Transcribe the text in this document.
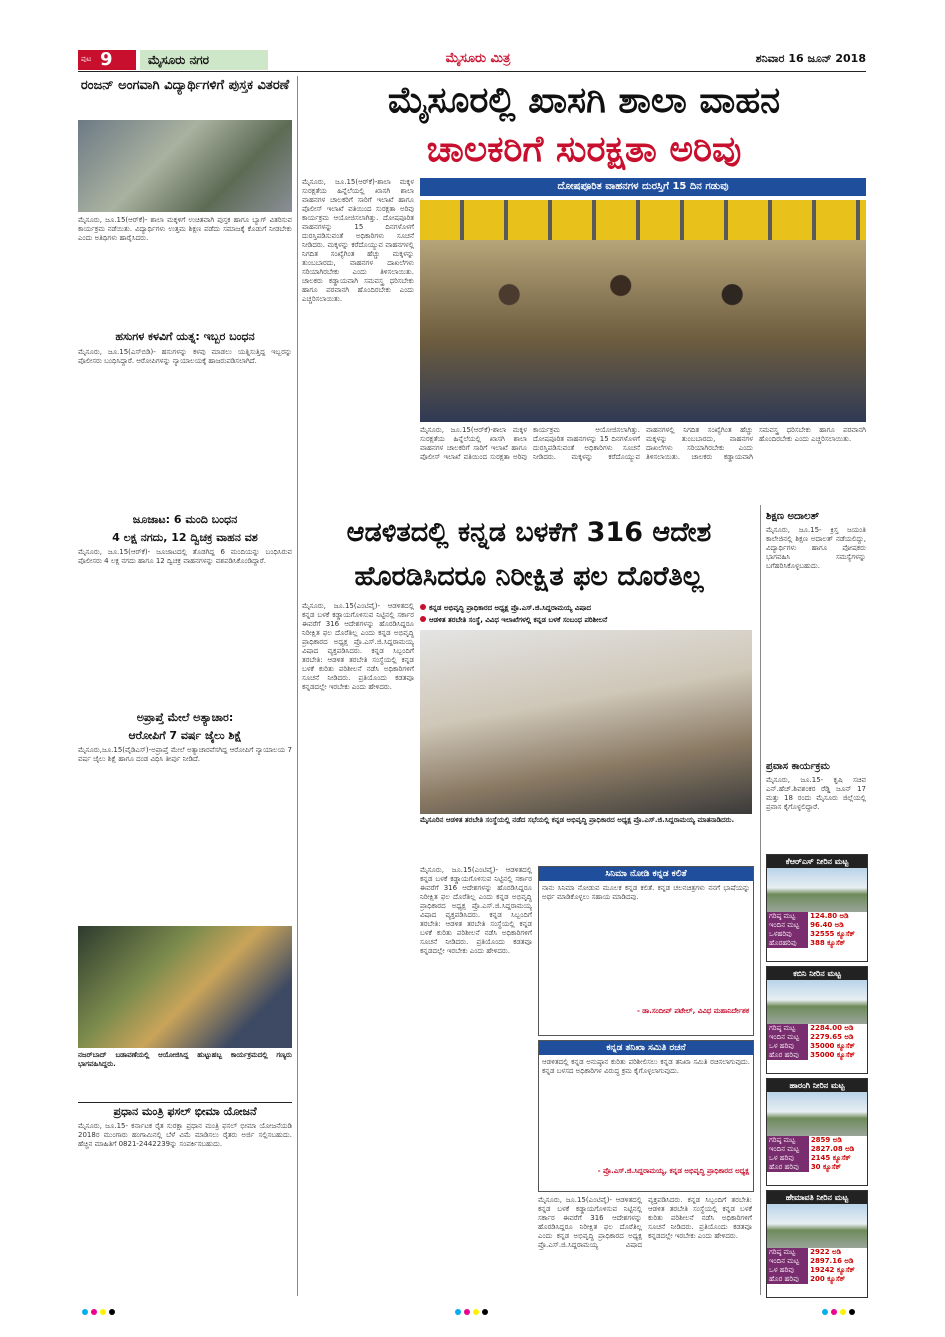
ಪುಟ 9	ಮೈಸೂರು ನಗರ	ಮೈಸೂರು ಮಿತ್ರ	ಶನಿವಾರ 16 ಜೂನ್ 2018
ರಂಜನ್ ಅಂಗವಾಗಿ ವಿದ್ಯಾರ್ಥಿಗಳಿಗೆ ಪುಸ್ತಕ ವಿತರಣೆ
ಮೈಸೂರು, ಜೂ.15(ಆರ್‌ಕೆ)- ಶಾಲಾ ಮಕ್ಕಳಿಗೆ ಉಚಿತವಾಗಿ ಪುಸ್ತಕ ಹಾಗೂ ಬ್ಯಾಗ್ ವಿತರಿಸುವ ಕಾರ್ಯಕ್ರಮ ನಡೆಯಿತು. ವಿದ್ಯಾರ್ಥಿಗಳು ಉತ್ತಮ ಶಿಕ್ಷಣ ಪಡೆದು ಸಮಾಜಕ್ಕೆ ಕೊಡುಗೆ ನೀಡಬೇಕು ಎಂದು ಅತಿಥಿಗಳು ಹಾರೈಸಿದರು.
ಹಸುಗಳ ಕಳವಿಗೆ ಯತ್ನ: ಇಬ್ಬರ ಬಂಧನ
ಮೈಸೂರು, ಜೂ.15(ಎಸ್‌ಬಿಡಿ)- ಹಸುಗಳನ್ನು ಕಳವು ಮಾಡಲು ಯತ್ನಿಸುತ್ತಿದ್ದ ಇಬ್ಬರನ್ನು ಪೊಲೀಸರು ಬಂಧಿಸಿದ್ದಾರೆ. ಆರೋಪಿಗಳನ್ನು ನ್ಯಾಯಾಲಯಕ್ಕೆ ಹಾಜರುಪಡಿಸಲಾಗಿದೆ.
ಜೂಜಾಟ: 6 ಮಂದಿ ಬಂಧನ
4 ಲಕ್ಷ ನಗದು, 12 ದ್ವಿಚಕ್ರ ವಾಹನ ವಶ
ಮೈಸೂರು, ಜೂ.15(ಆರ್‌ಕೆ)- ಜೂಜಾಟದಲ್ಲಿ ತೊಡಗಿದ್ದ 6 ಮಂದಿಯನ್ನು ಬಂಧಿಸಿರುವ ಪೊಲೀಸರು 4 ಲಕ್ಷ ನಗದು ಹಾಗೂ 12 ದ್ವಿಚಕ್ರ ವಾಹನಗಳನ್ನು ವಶಪಡಿಸಿಕೊಂಡಿದ್ದಾರೆ.
ಅಪ್ರಾಪ್ತೆ ಮೇಲೆ ಅತ್ಯಾಚಾರ:
ಆರೋಪಿಗೆ 7 ವರ್ಷ ಜೈಲು ಶಿಕ್ಷೆ
ಮೈಸೂರು,ಜೂ.15(ವೈಡಿಎಸ್)-ಅಪ್ರಾಪ್ತೆ ಮೇಲೆ ಅತ್ಯಾಚಾರವೆಸಗಿದ್ದ ಆರೋಪಿಗೆ ನ್ಯಾಯಾಲಯ 7 ವರ್ಷ ಜೈಲು ಶಿಕ್ಷೆ ಹಾಗೂ ದಂಡ ವಿಧಿಸಿ ತೀರ್ಪು ನೀಡಿದೆ.
ನಜರ್‌ಬಾದ್ ಬಡಾವಣೆಯಲ್ಲಿ ಆಯೋಜಿಸಿದ್ದ ಹುಟ್ಟುಹಬ್ಬ ಕಾರ್ಯಕ್ರಮದಲ್ಲಿ ಗಣ್ಯರು ಭಾಗವಹಿಸಿದ್ದರು.
ಪ್ರಧಾನ ಮಂತ್ರಿ ಫಸಲ್ ಭೀಮಾ ಯೋಜನೆ
ಮೈಸೂರು, ಜೂ.15- ಕರ್ನಾಟಕ ರೈತ ಸುರಕ್ಷಾ ಪ್ರಧಾನ ಮಂತ್ರಿ ಫಸಲ್ ಭೀಮಾ ಯೋಜನೆಯಡಿ 2018ರ ಮುಂಗಾರು ಹಂಗಾಮಿನಲ್ಲಿ ಬೆಳೆ ವಿಮೆ ಮಾಡಿಸಲು ರೈತರು ಅರ್ಜಿ ಸಲ್ಲಿಸಬಹುದು. ಹೆಚ್ಚಿನ ಮಾಹಿತಿಗೆ 0821-2442239ನ್ನು ಸಂಪರ್ಕಿಸಬಹುದು.
ಮೈಸೂರಲ್ಲಿ ಖಾಸಗಿ ಶಾಲಾ ವಾಹನ
ಚಾಲಕರಿಗೆ ಸುರಕ್ಷತಾ ಅರಿವು
ಮೈಸೂರು, ಜೂ.15(ಆರ್‌ಕೆ)-ಶಾಲಾ ಮಕ್ಕಳ ಸುರಕ್ಷತೆಯ ಹಿನ್ನೆಲೆಯಲ್ಲಿ ಖಾಸಗಿ ಶಾಲಾ ವಾಹನಗಳ ಚಾಲಕರಿಗೆ ಸಾರಿಗೆ ಇಲಾಖೆ ಹಾಗೂ ಪೊಲೀಸ್ ಇಲಾಖೆ ವತಿಯಿಂದ ಸುರಕ್ಷತಾ ಅರಿವು ಕಾರ್ಯಕ್ರಮ ಆಯೋಜಿಸಲಾಗಿತ್ತು. ದೋಷಪೂರಿತ ವಾಹನಗಳನ್ನು 15 ದಿನಗಳೊಳಗೆ ದುರಸ್ತಿಪಡಿಸುವಂತೆ ಅಧಿಕಾರಿಗಳು ಸೂಚನೆ ನೀಡಿದರು. ಮಕ್ಕಳನ್ನು ಕರೆದೊಯ್ಯುವ ವಾಹನಗಳಲ್ಲಿ ನಿಗದಿತ ಸಂಖ್ಯೆಗಿಂತ ಹೆಚ್ಚು ಮಕ್ಕಳನ್ನು ತುಂಬಬಾರದು, ವಾಹನಗಳ ದಾಖಲೆಗಳು ಸರಿಯಾಗಿರಬೇಕು ಎಂದು ತಿಳಿಸಲಾಯಿತು. ಚಾಲಕರು ಕಡ್ಡಾಯವಾಗಿ ಸಮವಸ್ತ್ರ ಧರಿಸಬೇಕು ಹಾಗೂ ಪರವಾನಗಿ ಹೊಂದಿರಬೇಕು ಎಂದು ಎಚ್ಚರಿಸಲಾಯಿತು.
ದೋಷಪೂರಿತ ವಾಹನಗಳ ದುರಸ್ತಿಗೆ 15 ದಿನ ಗಡುವು
ಮೈಸೂರು, ಜೂ.15(ಆರ್‌ಕೆ)-ಶಾಲಾ ಮಕ್ಕಳ ಸುರಕ್ಷತೆಯ ಹಿನ್ನೆಲೆಯಲ್ಲಿ ಖಾಸಗಿ ಶಾಲಾ ವಾಹನಗಳ ಚಾಲಕರಿಗೆ ಸಾರಿಗೆ ಇಲಾಖೆ ಹಾಗೂ ಪೊಲೀಸ್ ಇಲಾಖೆ ವತಿಯಿಂದ ಸುರಕ್ಷತಾ ಅರಿವು ಕಾರ್ಯಕ್ರಮ ಆಯೋಜಿಸಲಾಗಿತ್ತು. ದೋಷಪೂರಿತ ವಾಹನಗಳನ್ನು 15 ದಿನಗಳೊಳಗೆ ದುರಸ್ತಿಪಡಿಸುವಂತೆ ಅಧಿಕಾರಿಗಳು ಸೂಚನೆ ನೀಡಿದರು. ಮಕ್ಕಳನ್ನು ಕರೆದೊಯ್ಯುವ ವಾಹನಗಳಲ್ಲಿ ನಿಗದಿತ ಸಂಖ್ಯೆಗಿಂತ ಹೆಚ್ಚು ಮಕ್ಕಳನ್ನು ತುಂಬಬಾರದು, ವಾಹನಗಳ ದಾಖಲೆಗಳು ಸರಿಯಾಗಿರಬೇಕು ಎಂದು ತಿಳಿಸಲಾಯಿತು. ಚಾಲಕರು ಕಡ್ಡಾಯವಾಗಿ ಸಮವಸ್ತ್ರ ಧರಿಸಬೇಕು ಹಾಗೂ ಪರವಾನಗಿ ಹೊಂದಿರಬೇಕು ಎಂದು ಎಚ್ಚರಿಸಲಾಯಿತು.
ಆಡಳಿತದಲ್ಲಿ ಕನ್ನಡ ಬಳಕೆಗೆ 316 ಆದೇಶ
ಹೊರಡಿಸಿದರೂ ನಿರೀಕ್ಷಿತ ಫಲ ದೊರೆತಿಲ್ಲ
ಮೈಸೂರು, ಜೂ.15(ಎಂಟಿವೈ)- ಆಡಳಿತದಲ್ಲಿ ಕನ್ನಡ ಬಳಕೆ ಕಡ್ಡಾಯಗೊಳಿಸುವ ನಿಟ್ಟಿನಲ್ಲಿ ಸರ್ಕಾರ ಈವರೆಗೆ 316 ಆದೇಶಗಳನ್ನು ಹೊರಡಿಸಿದ್ದರೂ ನಿರೀಕ್ಷಿತ ಫಲ ದೊರೆತಿಲ್ಲ ಎಂದು ಕನ್ನಡ ಅಭಿವೃದ್ಧಿ ಪ್ರಾಧಿಕಾರದ ಅಧ್ಯಕ್ಷ ಪ್ರೊ.ಎಸ್.ಜಿ.ಸಿದ್ದರಾಮಯ್ಯ ವಿಷಾದ ವ್ಯಕ್ತಪಡಿಸಿದರು. ಕನ್ನಡ ಸಿಬ್ಬಂದಿಗೆ ತರಬೇತಿ: ಆಡಳಿತ ತರಬೇತಿ ಸಂಸ್ಥೆಯಲ್ಲಿ ಕನ್ನಡ ಬಳಕೆ ಕುರಿತು ಪರಿಶೀಲನೆ ನಡೆಸಿ ಅಧಿಕಾರಿಗಳಿಗೆ ಸೂಚನೆ ನೀಡಿದರು. ಪ್ರತಿಯೊಂದು ಕಡತವೂ ಕನ್ನಡದಲ್ಲೇ ಇರಬೇಕು ಎಂದು ಹೇಳಿದರು.
ಕನ್ನಡ ಅಭಿವೃದ್ಧಿ ಪ್ರಾಧಿಕಾರದ ಅಧ್ಯಕ್ಷ ಪ್ರೊ.ಎಸ್.ಜಿ.ಸಿದ್ದರಾಮಯ್ಯ ವಿಷಾದ
ಆಡಳಿತ ತರಬೇತಿ ಸಂಸ್ಥೆ, ವಿವಿಧ ಇಲಾಖೆಗಳಲ್ಲಿ ಕನ್ನಡ ಬಳಕೆ ಸಂಬಂಧ ಪರಿಶೀಲನೆ
ಮೈಸೂರಿನ ಆಡಳಿತ ತರಬೇತಿ ಸಂಸ್ಥೆಯಲ್ಲಿ ನಡೆದ ಸಭೆಯಲ್ಲಿ ಕನ್ನಡ ಅಭಿವೃದ್ಧಿ ಪ್ರಾಧಿಕಾರದ ಅಧ್ಯಕ್ಷ ಪ್ರೊ.ಎಸ್.ಜಿ.ಸಿದ್ದರಾಮಯ್ಯ ಮಾತನಾಡಿದರು.
ಮೈಸೂರು, ಜೂ.15(ಎಂಟಿವೈ)- ಆಡಳಿತದಲ್ಲಿ ಕನ್ನಡ ಬಳಕೆ ಕಡ್ಡಾಯಗೊಳಿಸುವ ನಿಟ್ಟಿನಲ್ಲಿ ಸರ್ಕಾರ ಈವರೆಗೆ 316 ಆದೇಶಗಳನ್ನು ಹೊರಡಿಸಿದ್ದರೂ ನಿರೀಕ್ಷಿತ ಫಲ ದೊರೆತಿಲ್ಲ ಎಂದು ಕನ್ನಡ ಅಭಿವೃದ್ಧಿ ಪ್ರಾಧಿಕಾರದ ಅಧ್ಯಕ್ಷ ಪ್ರೊ.ಎಸ್.ಜಿ.ಸಿದ್ದರಾಮಯ್ಯ ವಿಷಾದ ವ್ಯಕ್ತಪಡಿಸಿದರು. ಕನ್ನಡ ಸಿಬ್ಬಂದಿಗೆ ತರಬೇತಿ: ಆಡಳಿತ ತರಬೇತಿ ಸಂಸ್ಥೆಯಲ್ಲಿ ಕನ್ನಡ ಬಳಕೆ ಕುರಿತು ಪರಿಶೀಲನೆ ನಡೆಸಿ ಅಧಿಕಾರಿಗಳಿಗೆ ಸೂಚನೆ ನೀಡಿದರು. ಪ್ರತಿಯೊಂದು ಕಡತವೂ ಕನ್ನಡದಲ್ಲೇ ಇರಬೇಕು ಎಂದು ಹೇಳಿದರು.
ಸಿನಿಮಾ ನೋಡಿ ಕನ್ನಡ ಕಲಿತೆ
ನಾನು ಸಿನಿಮಾ ನೋಡುವ ಮೂಲಕ ಕನ್ನಡ ಕಲಿತೆ. ಕನ್ನಡ ಚಲನಚಿತ್ರಗಳು ನನಗೆ ಭಾಷೆಯನ್ನು ಅರ್ಥ ಮಾಡಿಕೊಳ್ಳಲು ಸಹಾಯ ಮಾಡಿದವು.
- ಡಾ.ಸಂದೀಪ್ ಪಟೇಲ್, ವಿವಿಧ ಮಹಾನಿರ್ದೇಶಕ
ಕನ್ನಡ ತನಿಖಾ ಸಮಿತಿ ರಚನೆ
ಆಡಳಿತದಲ್ಲಿ ಕನ್ನಡ ಅನುಷ್ಠಾನ ಕುರಿತು ಪರಿಶೀಲಿಸಲು ಕನ್ನಡ ತನಿಖಾ ಸಮಿತಿ ರಚಿಸಲಾಗುವುದು. ಕನ್ನಡ ಬಳಸದ ಅಧಿಕಾರಿಗಳ ವಿರುದ್ಧ ಕ್ರಮ ಕೈಗೊಳ್ಳಲಾಗುವುದು.
- ಪ್ರೊ.ಎಸ್.ಜಿ.ಸಿದ್ದರಾಮಯ್ಯ, ಕನ್ನಡ ಅಭಿವೃದ್ಧಿ ಪ್ರಾಧಿಕಾರದ ಅಧ್ಯಕ್ಷ
ಮೈಸೂರು, ಜೂ.15(ಎಂಟಿವೈ)- ಆಡಳಿತದಲ್ಲಿ ಕನ್ನಡ ಬಳಕೆ ಕಡ್ಡಾಯಗೊಳಿಸುವ ನಿಟ್ಟಿನಲ್ಲಿ ಸರ್ಕಾರ ಈವರೆಗೆ 316 ಆದೇಶಗಳನ್ನು ಹೊರಡಿಸಿದ್ದರೂ ನಿರೀಕ್ಷಿತ ಫಲ ದೊರೆತಿಲ್ಲ ಎಂದು ಕನ್ನಡ ಅಭಿವೃದ್ಧಿ ಪ್ರಾಧಿಕಾರದ ಅಧ್ಯಕ್ಷ ಪ್ರೊ.ಎಸ್.ಜಿ.ಸಿದ್ದರಾಮಯ್ಯ ವಿಷಾದ ವ್ಯಕ್ತಪಡಿಸಿದರು. ಕನ್ನಡ ಸಿಬ್ಬಂದಿಗೆ ತರಬೇತಿ: ಆಡಳಿತ ತರಬೇತಿ ಸಂಸ್ಥೆಯಲ್ಲಿ ಕನ್ನಡ ಬಳಕೆ ಕುರಿತು ಪರಿಶೀಲನೆ ನಡೆಸಿ ಅಧಿಕಾರಿಗಳಿಗೆ ಸೂಚನೆ ನೀಡಿದರು. ಪ್ರತಿಯೊಂದು ಕಡತವೂ ಕನ್ನಡದಲ್ಲೇ ಇರಬೇಕು ಎಂದು ಹೇಳಿದರು.
ಶಿಕ್ಷಣ ಅದಾಲತ್
ಮೈಸೂರು, ಜೂ.15- ಕ್ರಿಸ್ತ ಜಯಂತಿ ಕಾಲೇಜಿನಲ್ಲಿ ಶಿಕ್ಷಣ ಅದಾಲತ್ ನಡೆಯಲಿದ್ದು, ವಿದ್ಯಾರ್ಥಿಗಳು ಹಾಗೂ ಪೋಷಕರು ಭಾಗವಹಿಸಿ ಸಮಸ್ಯೆಗಳನ್ನು ಬಗೆಹರಿಸಿಕೊಳ್ಳಬಹುದು.
ಪ್ರವಾಸ ಕಾರ್ಯಕ್ರಮ
ಮೈಸೂರು, ಜೂ.15- ಕೃಷಿ ಸಚಿವ ಎನ್.ಹೆಚ್.ಶಿವಶಂಕರ ರೆಡ್ಡಿ ಜೂನ್ 17 ಮತ್ತು 18 ರಂದು ಮೈಸೂರು ಜಿಲ್ಲೆಯಲ್ಲಿ ಪ್ರವಾಸ ಕೈಗೊಳ್ಳಲಿದ್ದಾರೆ.
ಕೆಆರ್‌ಎಸ್ ನೀರಿನ ಮಟ್ಟ
ಗರಿಷ್ಠ ಮಟ್ಟ	124.80 ಅಡಿ
ಇಂದಿನ ಮಟ್ಟ	96.40 ಅಡಿ
ಒಳಹರಿವು	32555 ಕ್ಯೂಸೆಕ್
ಹೊರಹರಿವು	388 ಕ್ಯೂಸೆಕ್
ಕಬಿನಿ ನೀರಿನ ಮಟ್ಟ
ಗರಿಷ್ಠ ಮಟ್ಟ	2284.00 ಅಡಿ
ಇಂದಿನ ಮಟ್ಟ	2279.65 ಅಡಿ
ಒಳ ಹರಿವು	35000 ಕ್ಯೂಸೆಕ್
ಹೊರ ಹರಿವು	35000 ಕ್ಯೂಸೆಕ್
ಹಾರಂಗಿ ನೀರಿನ ಮಟ್ಟ
ಗರಿಷ್ಠ ಮಟ್ಟ	2859 ಅಡಿ
ಇಂದಿನ ಮಟ್ಟ	2827.08 ಅಡಿ
ಒಳ ಹರಿವು	2145 ಕ್ಯೂಸೆಕ್
ಹೊರ ಹರಿವು	30 ಕ್ಯೂಸೆಕ್
ಹೇಮಾವತಿ ನೀರಿನ ಮಟ್ಟ
ಗರಿಷ್ಠ ಮಟ್ಟ	2922 ಅಡಿ
ಇಂದಿನ ಮಟ್ಟ	2897.16 ಅಡಿ
ಒಳ ಹರಿವು	19242 ಕ್ಯೂಸೆಕ್
ಹೊರ ಹರಿವು	200 ಕ್ಯೂಸೆಕ್
